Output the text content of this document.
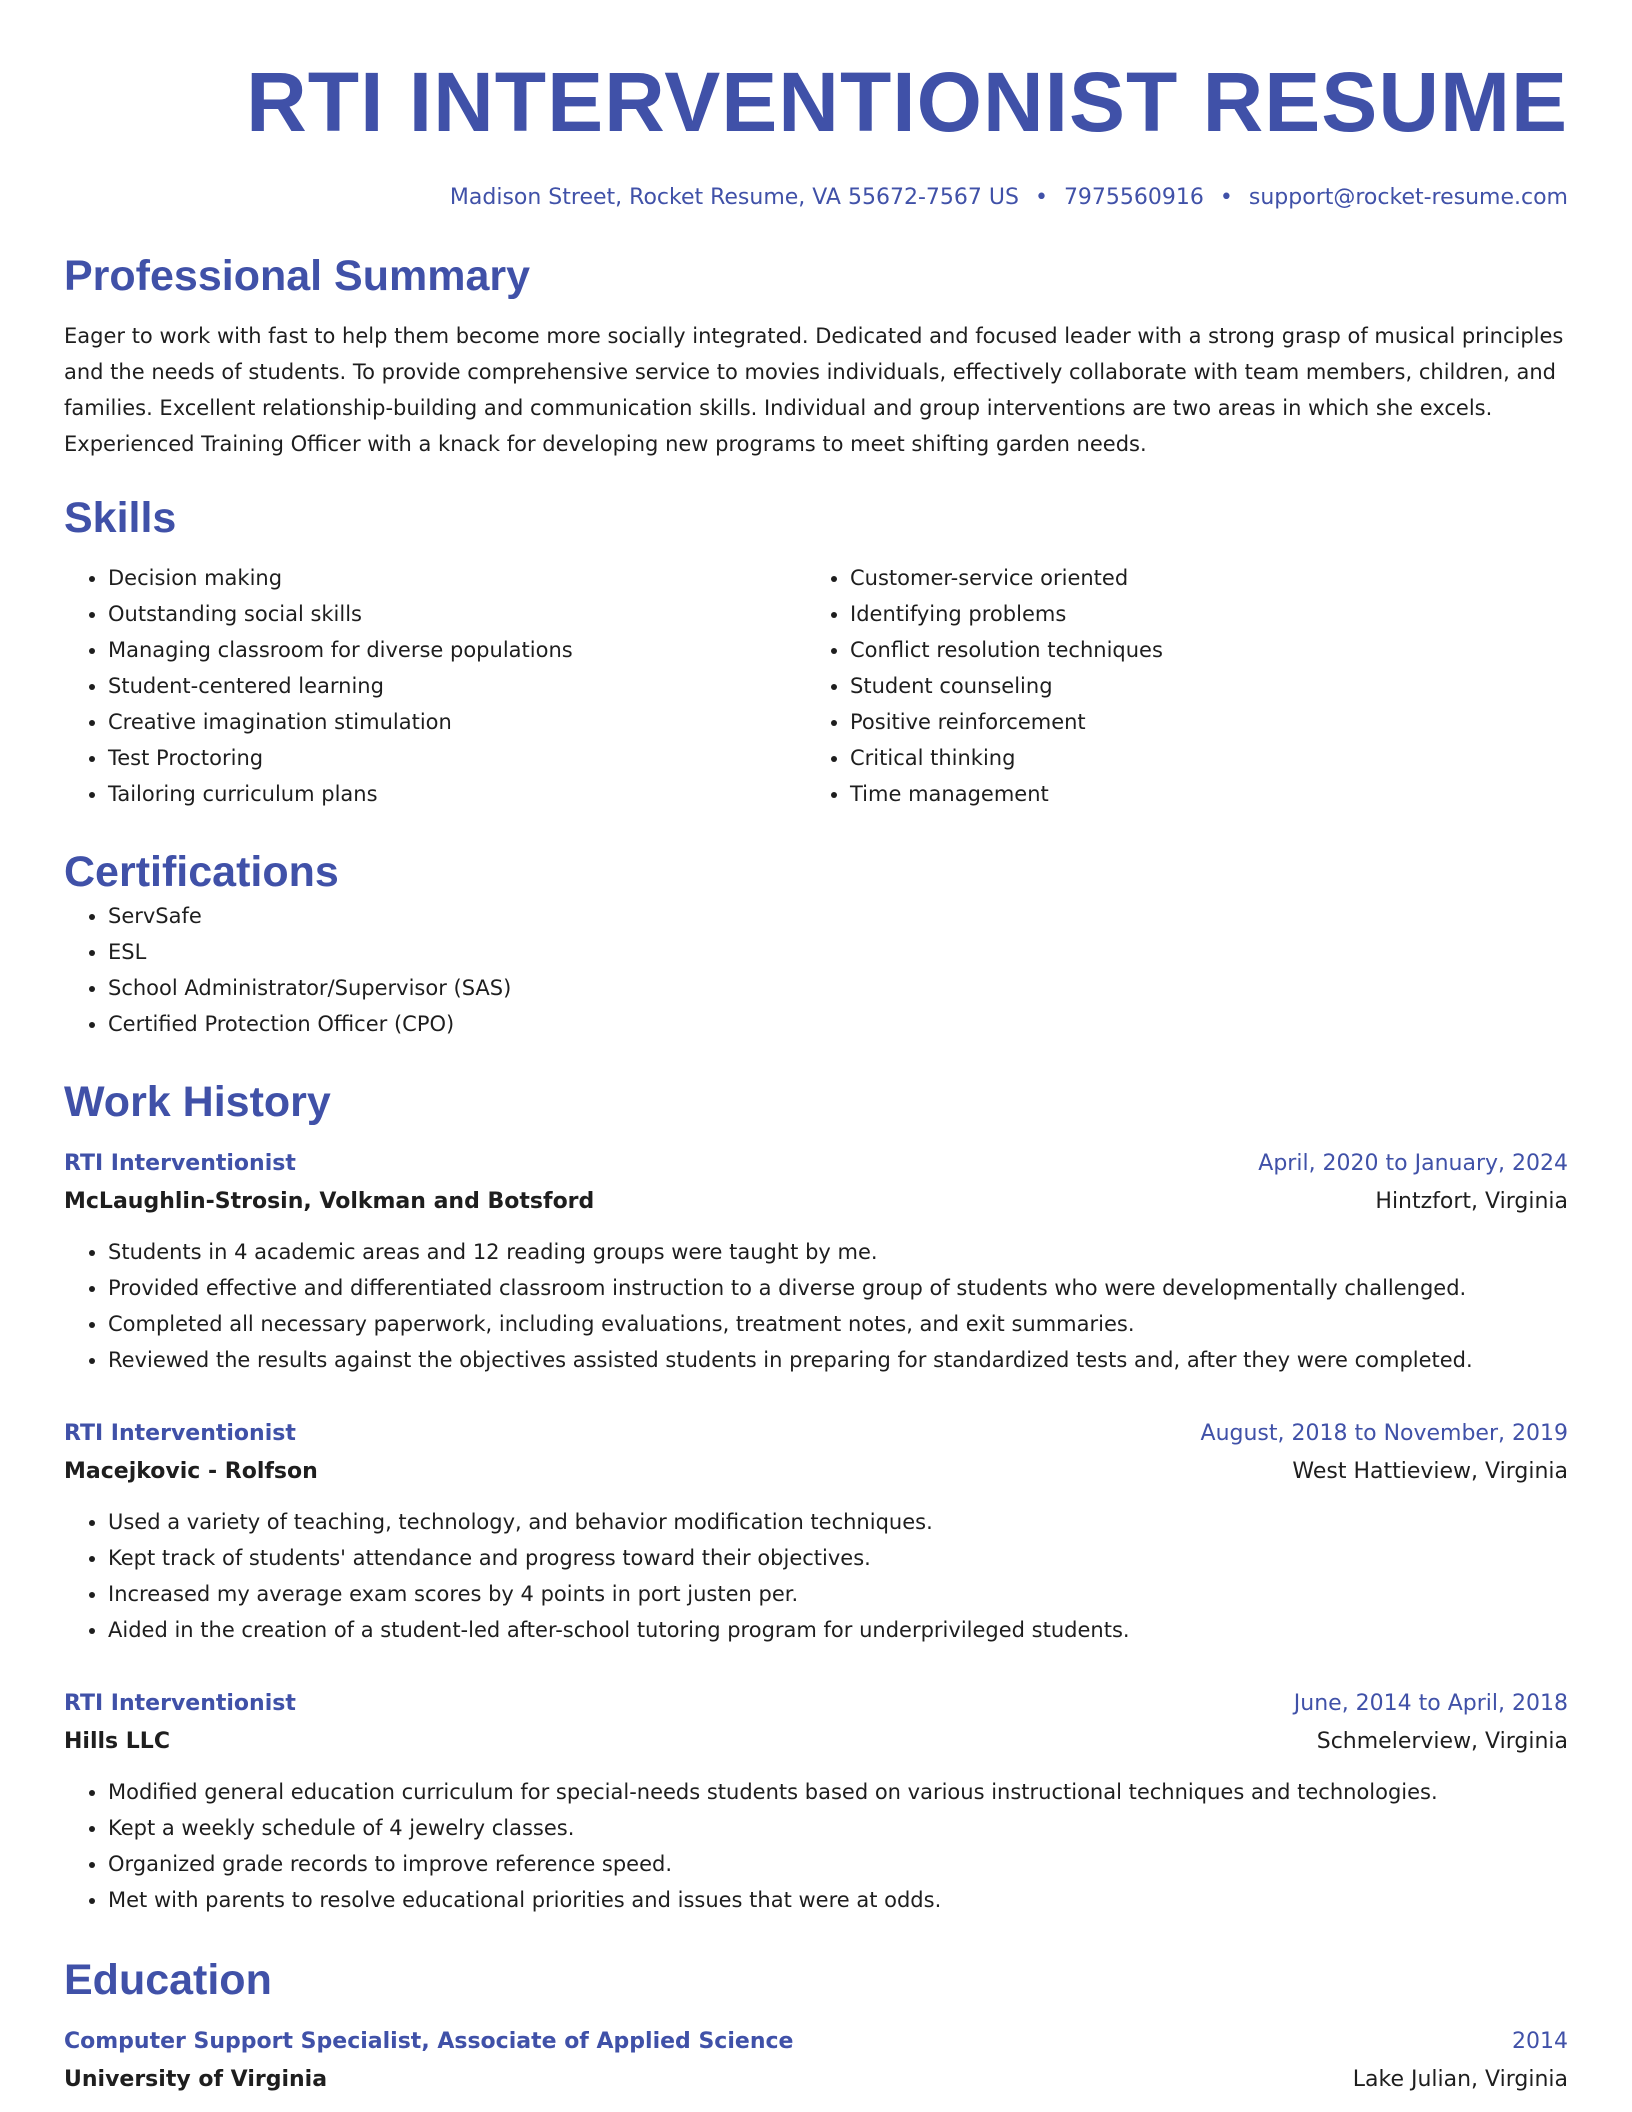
RTI INTERVENTIONIST RESUME
Madison Street, Rocket Resume, VA 55672-7567 US • 7975560916 • support@rocket-resume.com
Professional Summary
Eager to work with fast to help them become more socially integrated. Dedicated and focused leader with a strong grasp of musical principles and the needs of students. To provide comprehensive service to movies individuals, effectively collaborate with team members, children, and families. Excellent relationship-building and communication skills. Individual and group interventions are two areas in which she excels. Experienced Training Officer with a knack for developing new programs to meet shifting garden needs.
Skills
• Decision making
• Outstanding social skills
• Managing classroom for diverse populations
• Student-centered learning
• Creative imagination stimulation
• Test Proctoring
• Tailoring curriculum plans
• Customer-service oriented
• Identifying problems
• Conflict resolution techniques
• Student counseling
• Positive reinforcement
• Critical thinking
• Time management
Certifications
• ServSafe
• ESL
• School Administrator/Supervisor (SAS)
• Certified Protection Officer (CPO)
Work History
RTI Interventionist	April, 2020 to January, 2024
McLaughlin-Strosin, Volkman and Botsford	Hintzfort, Virginia
• Students in 4 academic areas and 12 reading groups were taught by me.
• Provided effective and differentiated classroom instruction to a diverse group of students who were developmentally challenged.
• Completed all necessary paperwork, including evaluations, treatment notes, and exit summaries.
• Reviewed the results against the objectives assisted students in preparing for standardized tests and, after they were completed.
RTI Interventionist	August, 2018 to November, 2019
Macejkovic - Rolfson	West Hattieview, Virginia
• Used a variety of teaching, technology, and behavior modification techniques.
• Kept track of students' attendance and progress toward their objectives.
• Increased my average exam scores by 4 points in port justen per.
• Aided in the creation of a student-led after-school tutoring program for underprivileged students.
RTI Interventionist	June, 2014 to April, 2018
Hills LLC	Schmelerview, Virginia
• Modified general education curriculum for special-needs students based on various instructional techniques and technologies.
• Kept a weekly schedule of 4 jewelry classes.
• Organized grade records to improve reference speed.
• Met with parents to resolve educational priorities and issues that were at odds.
Education
Computer Support Specialist, Associate of Applied Science	2014
University of Virginia	Lake Julian, Virginia
